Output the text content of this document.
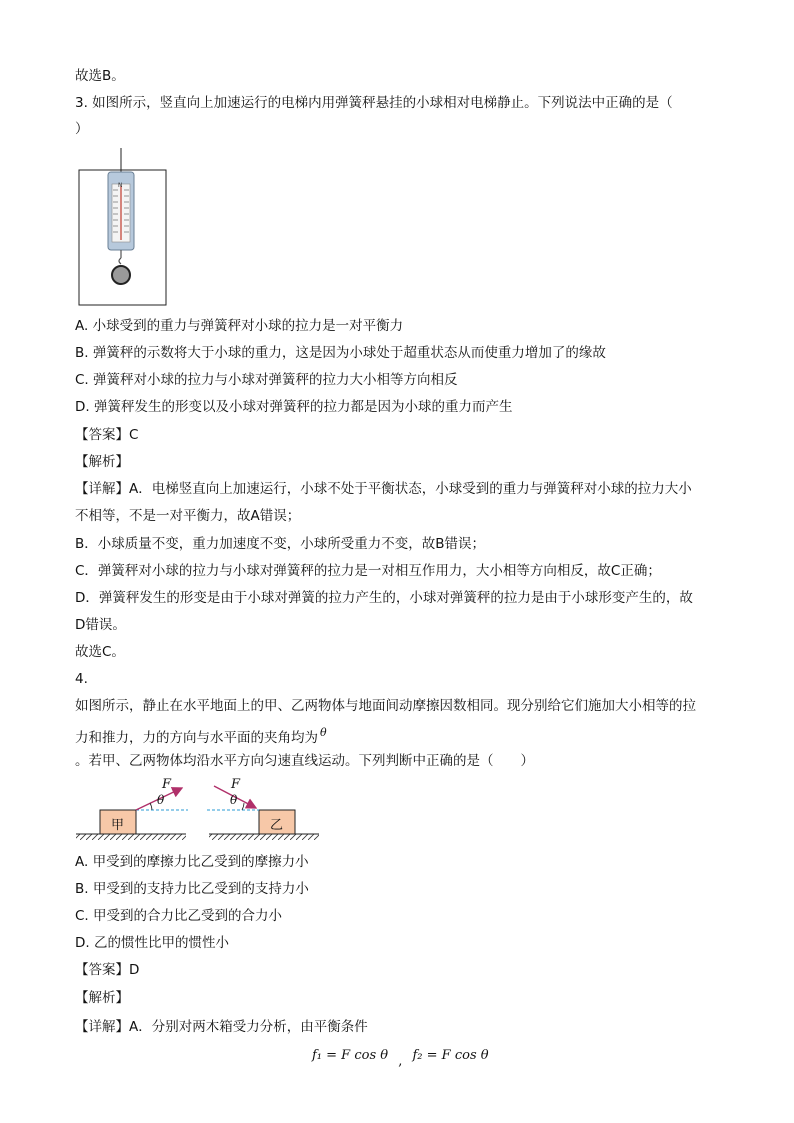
故选B。
3. 如图所示，竖直向上加速运行的电梯内用弹簧秤悬挂的小球相对电梯静止。下列说法中正确的是（
）
N
A. 小球受到的重力与弹簧秤对小球的拉力是一对平衡力
B. 弹簧秤的示数将大于小球的重力，这是因为小球处于超重状态从而使重力增加了的缘故
C. 弹簧秤对小球的拉力与小球对弹簧秤的拉力大小相等方向相反
D. 弹簧秤发生的形变以及小球对弹簧秤的拉力都是因为小球的重力而产生
【答案】C
【解析】
【详解】A．电梯竖直向上加速运行，小球不处于平衡状态，小球受到的重力与弹簧秤对小球的拉力大小
不相等，不是一对平衡力，故A错误；
B．小球质量不变，重力加速度不变，小球所受重力不变，故B错误；
C．弹簧秤对小球的拉力与小球对弹簧秤的拉力是一对相互作用力，大小相等方向相反，故C正确；
D．弹簧秤发生的形变是由于小球对弹簧的拉力产生的，小球对弹簧秤的拉力是由于小球形变产生的，故
D错误。
故选C。
4.
如图所示，静止在水平地面上的甲、乙两物体与地面间动摩擦因数相同。现分别给它们施加大小相等的拉
力和推力，力的方向与水平面的夹角均为 $^\theta$
。若甲、乙两物体均沿水平方向匀速直线运动。下列判断中正确的是（　　）
F
θ
F
θ
甲	乙
A. 甲受到的摩擦力比乙受到的摩擦力小
B. 甲受到的支持力比乙受到的支持力小
C. 甲受到的合力比乙受到的合力小
D. 乙的惯性比甲的惯性小
【答案】D
【解析】
【详解】A．分别对两木箱受力分析，由平衡条件
f₁ = F cos θ , f₂ = F cos θ
